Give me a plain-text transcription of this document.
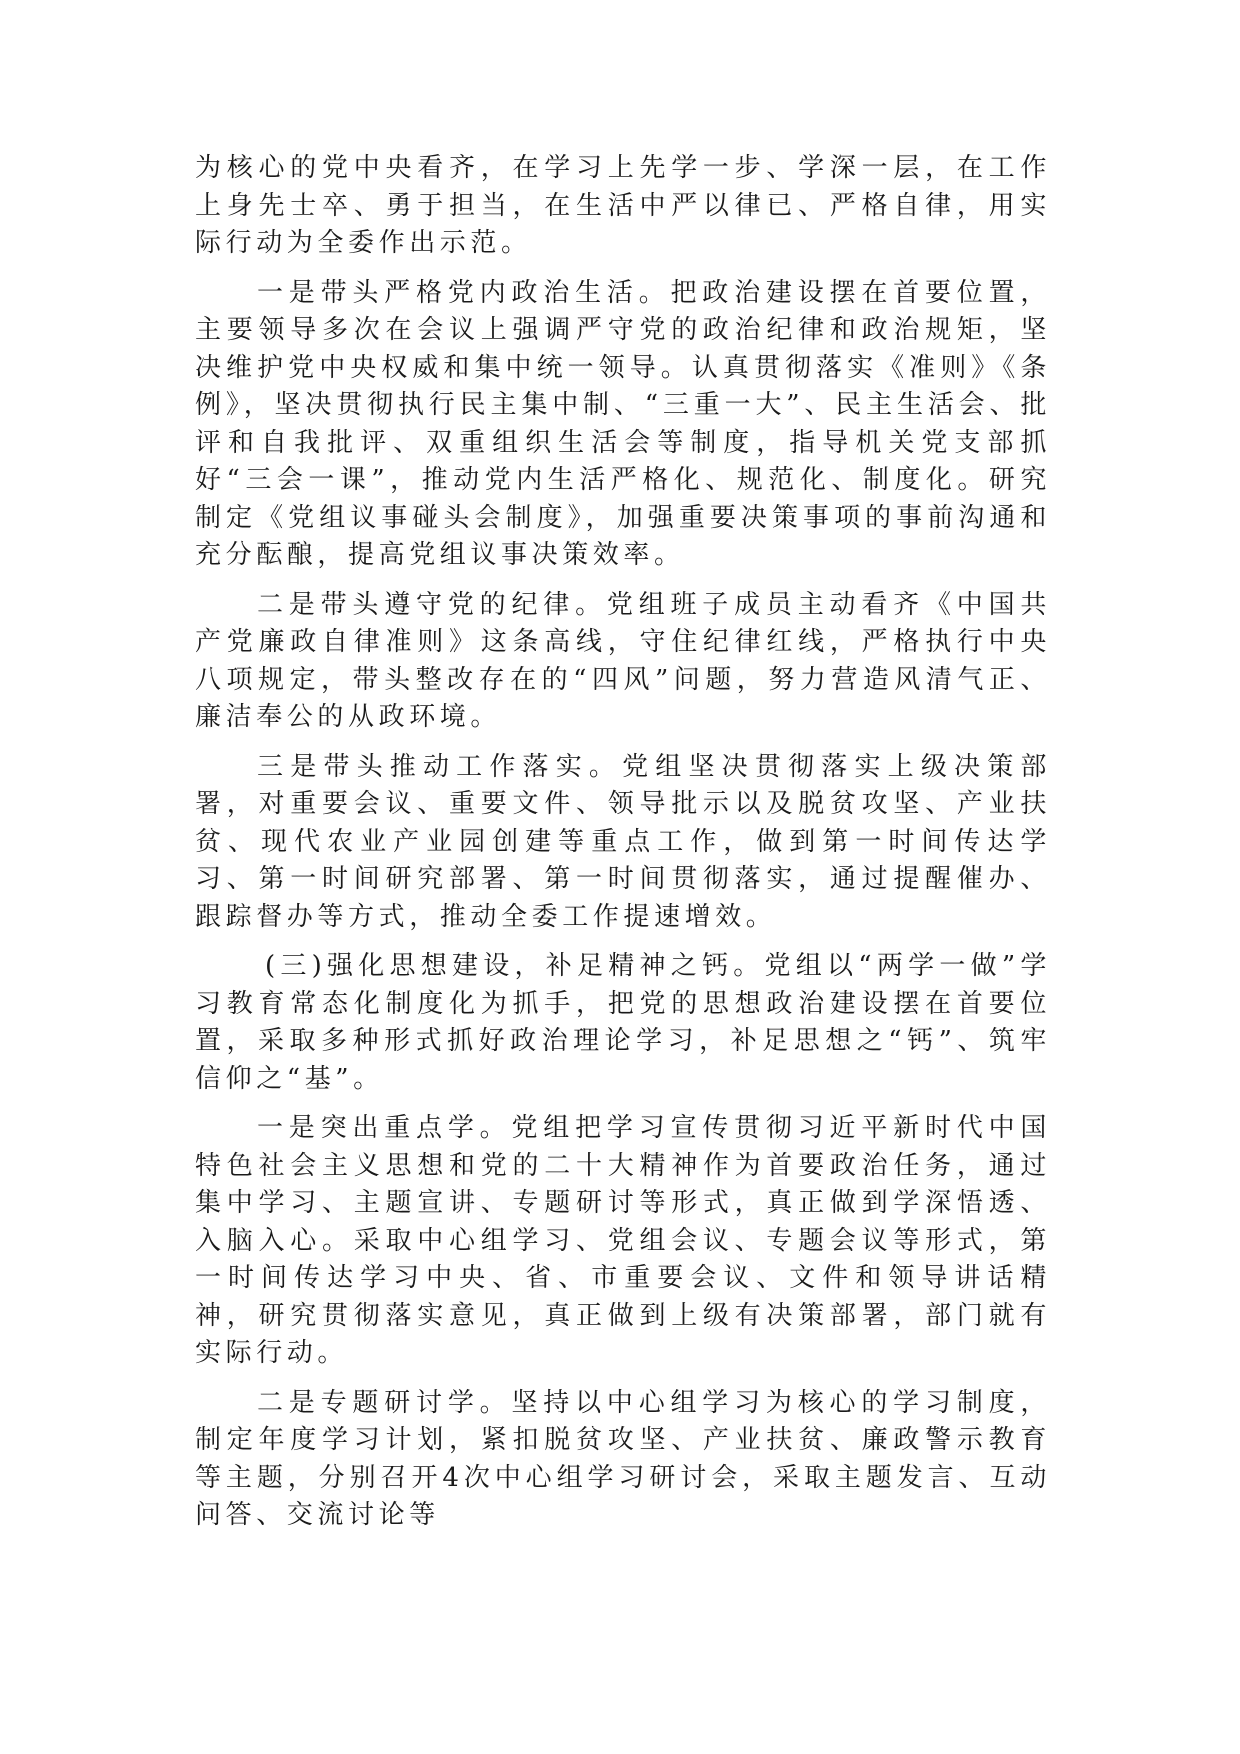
为核心的党中央看齐，在学习上先学一步、学深一层，在工作上身先士卒、勇于担当，在生活中严以律已、严格自律，用实际行动为全委作出示范。

一是带头严格党内政治生活。把政治建设摆在首要位置，主要领导多次在会议上强调严守党的政治纪律和政治规矩，坚决维护党中央权威和集中统一领导。认真贯彻落实《准则》《条例》，坚决贯彻执行民主集中制、“三重一大”、民主生活会、批评和自我批评、双重组织生活会等制度，指导机关党支部抓好“三会一课”，推动党内生活严格化、规范化、制度化。研究制定《党组议事碰头会制度》，加强重要决策事项的事前沟通和充分酝酿，提高党组议事决策效率。

二是带头遵守党的纪律。党组班子成员主动看齐《中国共产党廉政自律准则》这条高线，守住纪律红线，严格执行中央八项规定，带头整改存在的“四风”问题，努力营造风清气正、廉洁奉公的从政环境。

三是带头推动工作落实。党组坚决贯彻落实上级决策部署，对重要会议、重要文件、领导批示以及脱贫攻坚、产业扶贫、现代农业产业园创建等重点工作，做到第一时间传达学习、第一时间研究部署、第一时间贯彻落实，通过提醒催办、跟踪督办等方式，推动全委工作提速增效。

(三)强化思想建设，补足精神之钙。党组以“两学一做”学习教育常态化制度化为抓手，把党的思想政治建设摆在首要位置，采取多种形式抓好政治理论学习，补足思想之“钙”、筑牢信仰之“基”。

一是突出重点学。党组把学习宣传贯彻习近平新时代中国特色社会主义思想和党的二十大精神作为首要政治任务，通过集中学习、主题宣讲、专题研讨等形式，真正做到学深悟透、入脑入心。采取中心组学习、党组会议、专题会议等形式，第一时间传达学习中央、省、市重要会议、文件和领导讲话精神，研究贯彻落实意见，真正做到上级有决策部署，部门就有实际行动。

二是专题研讨学。坚持以中心组学习为核心的学习制度，制定年度学习计划，紧扣脱贫攻坚、产业扶贫、廉政警示教育等主题，分别召开4次中心组学习研讨会，采取主题发言、互动问答、交流讨论等
